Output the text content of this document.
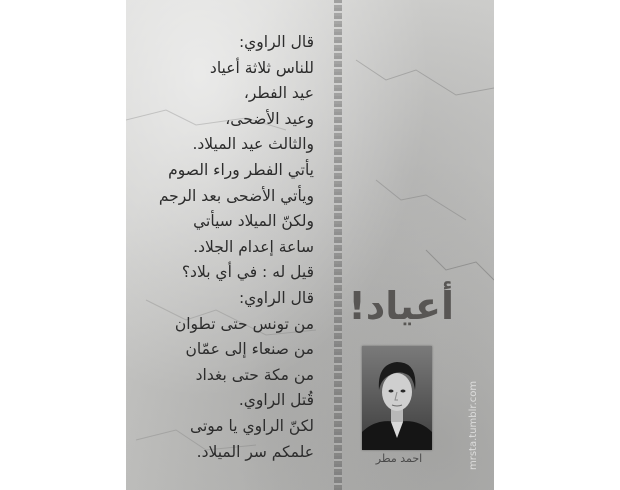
قال الراوي:
للناس ثلاثة أعياد
عيد الفطر،
وعيد الأضحى،
والثالث عيد الميلاد.
يأتي الفطر وراء الصوم
ويأتي الأضحى بعد الرجم
ولكنّ الميلاد سيأتي
ساعة إعدام الجلاد.
قيل له : في أي بلاد؟
قال الراوي:
من تونس حتى تطوان
من صنعاء إلى عمّان
من مكة حتى بغداد
قُتل الراوي.
لكنّ الراوي يا موتى
علمكم سر الميلاد.
أعياد!
احمد مطر	mrsta.tumblr.com
